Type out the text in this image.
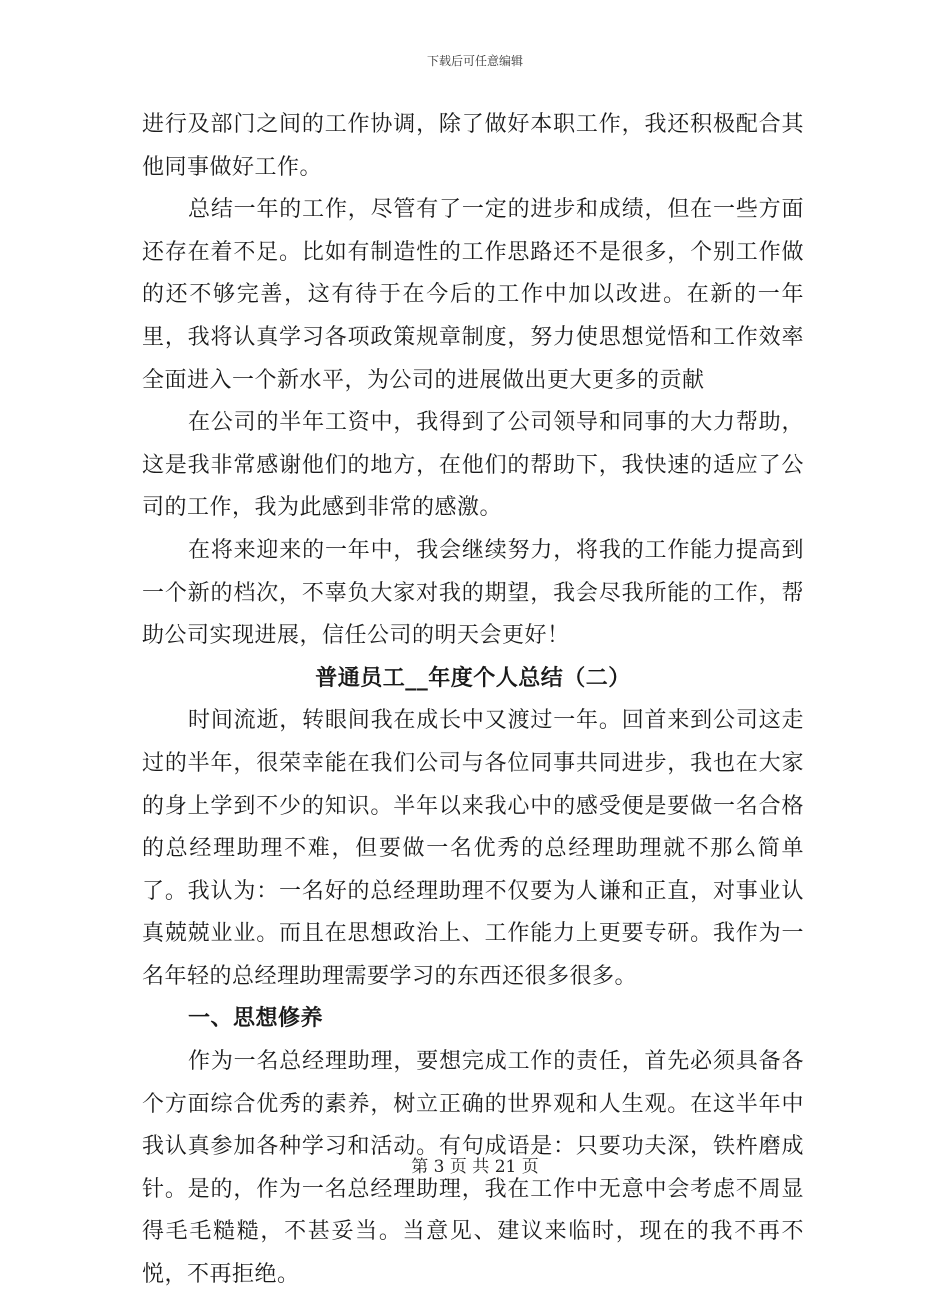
下载后可任意编辑

进行及部门之间的工作协调，除了做好本职工作，我还积极配合其他同事做好工作。

总结一年的工作，尽管有了一定的进步和成绩，但在一些方面还存在着不足。比如有制造性的工作思路还不是很多，个别工作做的还不够完善，这有待于在今后的工作中加以改进。在新的一年里，我将认真学习各项政策规章制度，努力使思想觉悟和工作效率全面进入一个新水平，为公司的进展做出更大更多的贡献

在公司的半年工资中，我得到了公司领导和同事的大力帮助，这是我非常感谢他们的地方，在他们的帮助下，我快速的适应了公司的工作，我为此感到非常的感激。

在将来迎来的一年中，我会继续努力，将我的工作能力提高到一个新的档次，不辜负大家对我的期望，我会尽我所能的工作，帮助公司实现进展，信任公司的明天会更好！

普通员工__年度个人总结（二）

时间流逝，转眼间我在成长中又渡过一年。回首来到公司这走过的半年，很荣幸能在我们公司与各位同事共同进步，我也在大家的身上学到不少的知识。半年以来我心中的感受便是要做一名合格的总经理助理不难，但要做一名优秀的总经理助理就不那么简单了。我认为：一名好的总经理助理不仅要为人谦和正直，对事业认真兢兢业业。而且在思想政治上、工作能力上更要专研。我作为一名年轻的总经理助理需要学习的东西还很多很多。

一、思想修养

作为一名总经理助理，要想完成工作的责任，首先必须具备各个方面综合优秀的素养，树立正确的世界观和人生观。在这半年中我认真参加各种学习和活动。有句成语是：只要功夫深，铁杵磨成针。是的，作为一名总经理助理，我在工作中无意中会考虑不周显得毛毛糙糙，不甚妥当。当意见、建议来临时，现在的我不再不悦，不再拒绝。

第 3 页 共 21 页
